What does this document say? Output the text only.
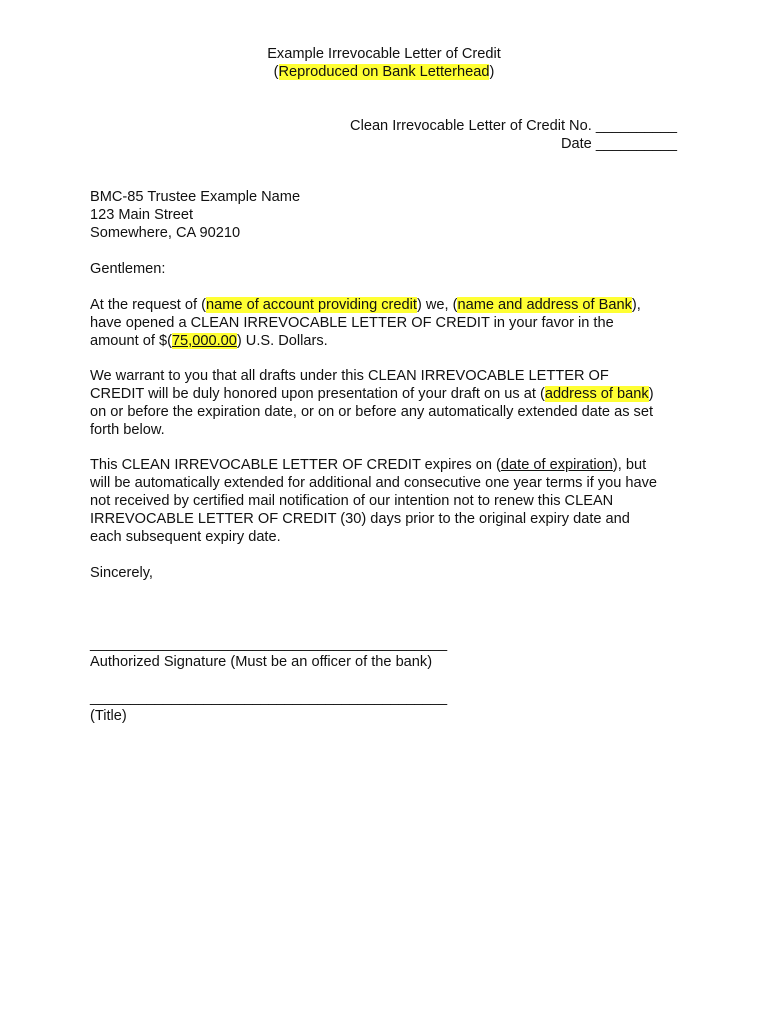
Example Irrevocable Letter of Credit
(Reproduced on Bank Letterhead)
Clean Irrevocable Letter of Credit No. __________
Date __________
BMC-85 Trustee Example Name
123 Main Street
Somewhere, CA 90210
Gentlemen:
At the request of (name of account providing credit) we, (name and address of Bank),
have opened a CLEAN IRREVOCABLE LETTER OF CREDIT in your favor in the
amount of $(75,000.00) U.S. Dollars.
We warrant to you that all drafts under this CLEAN IRREVOCABLE LETTER OF
CREDIT will be duly honored upon presentation of your draft on us at (address of bank)
on or before the expiration date, or on or before any automatically extended date as set
forth below.
This CLEAN IRREVOCABLE LETTER OF CREDIT expires on (date of expiration), but
will be automatically extended for additional and consecutive one year terms if you have
not received by certified mail notification of our intention not to renew this CLEAN
IRREVOCABLE LETTER OF CREDIT (30) days prior to the original expiry date and
each subsequent expiry date.
Sincerely,
____________________________________________
Authorized Signature (Must be an officer of the bank)
____________________________________________
(Title)
